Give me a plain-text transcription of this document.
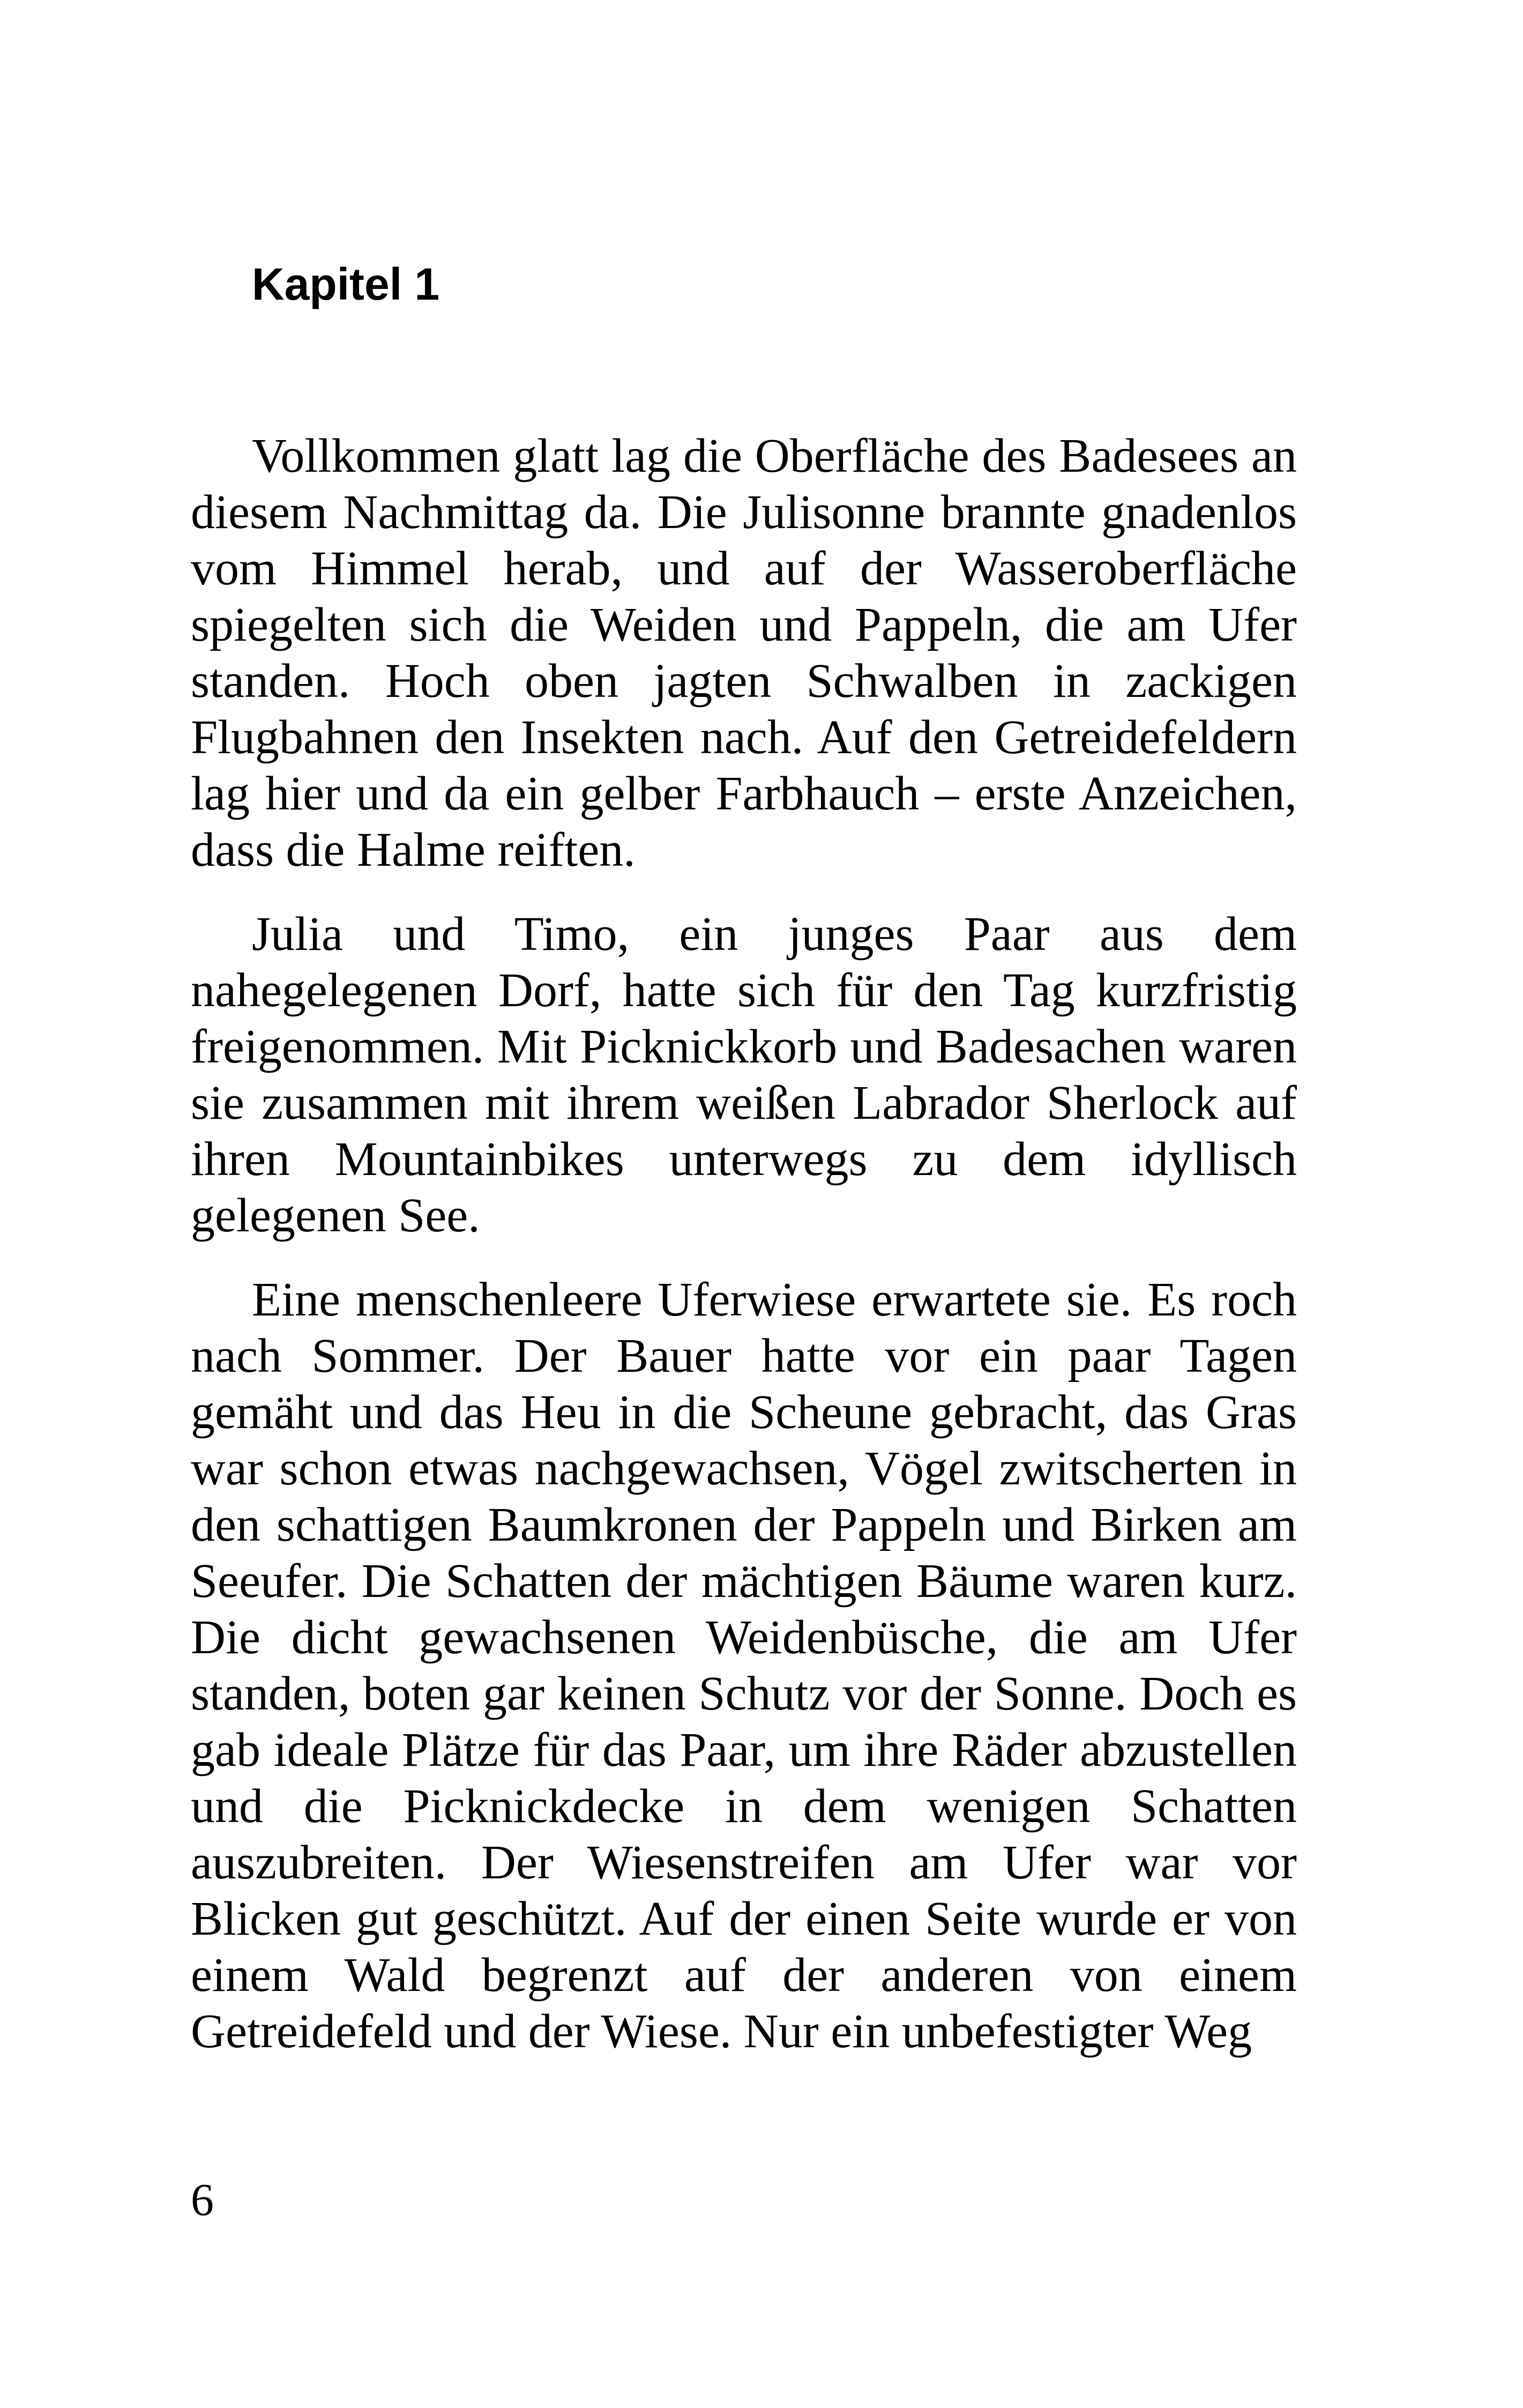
Kapitel 1

Vollkommen glatt lag die Oberfläche des Badesees an diesem Nachmittag da. Die Julisonne brannte gnadenlos vom Himmel herab, und auf der Wasseroberfläche spiegelten sich die Weiden und Pappeln, die am Ufer standen. Hoch oben jagten Schwalben in zackigen Flugbahnen den Insekten nach. Auf den Getreidefeldern lag hier und da ein gelber Farbhauch – erste Anzeichen, dass die Halme reiften.

Julia und Timo, ein junges Paar aus dem nahegelegenen Dorf, hatte sich für den Tag kurzfristig freigenommen. Mit Picknickkorb und Badesachen waren sie zusammen mit ihrem weißen Labrador Sherlock auf ihren Mountainbikes unterwegs zu dem idyllisch gelegenen See.

Eine menschenleere Uferwiese erwartete sie. Es roch nach Sommer. Der Bauer hatte vor ein paar Tagen gemäht und das Heu in die Scheune gebracht, das Gras war schon etwas nachgewachsen, Vögel zwitscherten in den schattigen Baumkronen der Pappeln und Birken am Seeufer. Die Schatten der mächtigen Bäume waren kurz. Die dicht gewachsenen Weidenbüsche, die am Ufer standen, boten gar keinen Schutz vor der Sonne. Doch es gab ideale Plätze für das Paar, um ihre Räder abzustellen und die Picknickdecke in dem wenigen Schatten auszubreiten. Der Wiesenstreifen am Ufer war vor Blicken gut geschützt. Auf der einen Seite wurde er von einem Wald begrenzt auf der anderen von einem Getreidefeld und der Wiese. Nur ein unbefestigter Weg

6
